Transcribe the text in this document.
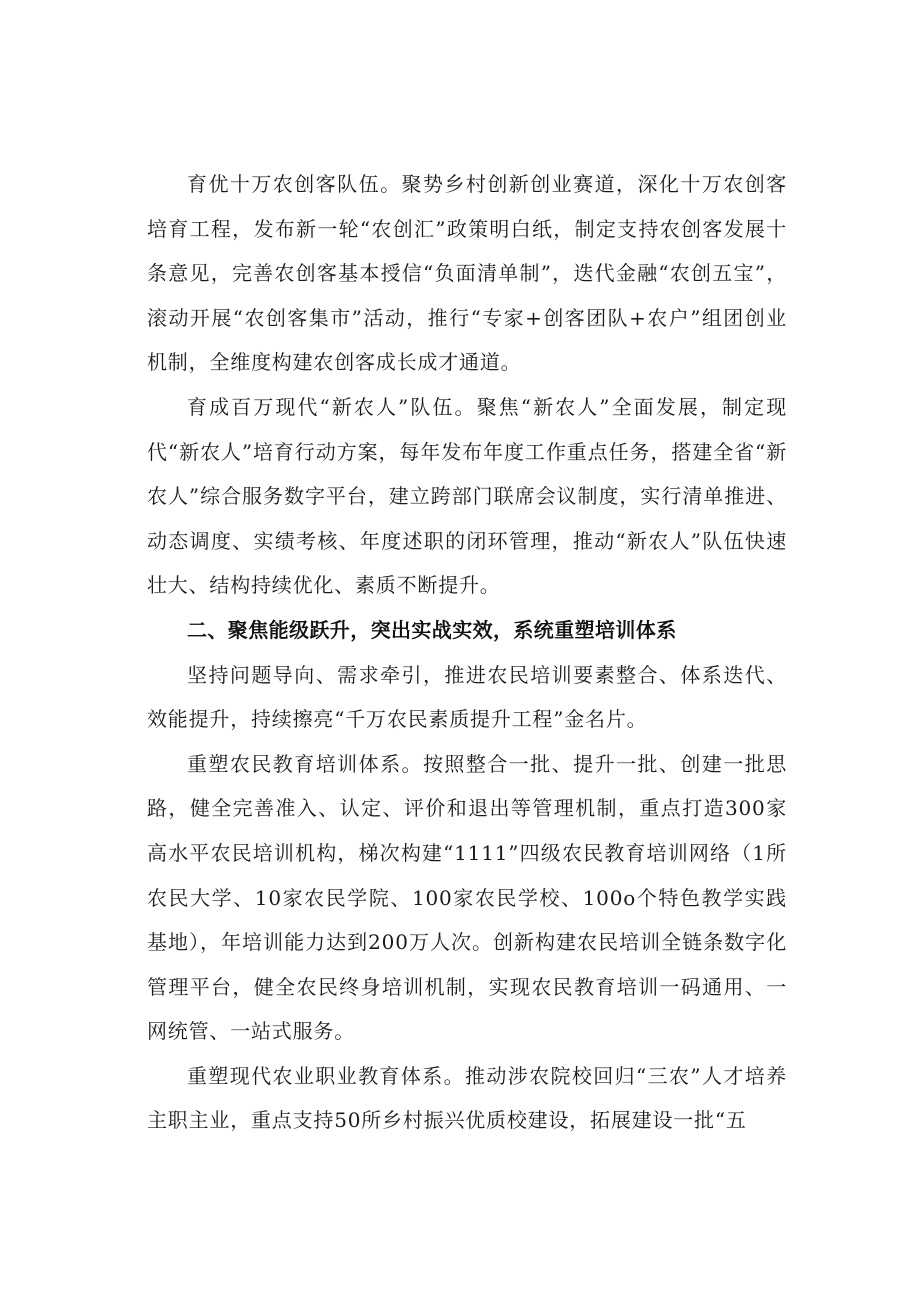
育优十万农创客队伍。聚势乡村创新创业赛道，深化十万农创客培育工程，发布新一轮“农创汇”政策明白纸，制定支持农创客发展十条意见，完善农创客基本授信“负面清单制”，迭代金融“农创五宝”，滚动开展“农创客集市”活动，推行“专家+创客团队+农户”组团创业机制，全维度构建农创客成长成才通道。

育成百万现代“新农人”队伍。聚焦“新农人”全面发展，制定现代“新农人”培育行动方案，每年发布年度工作重点任务，搭建全省“新农人”综合服务数字平台，建立跨部门联席会议制度，实行清单推进、动态调度、实绩考核、年度述职的闭环管理，推动“新农人”队伍快速壮大、结构持续优化、素质不断提升。

二、聚焦能级跃升，突出实战实效，系统重塑培训体系

坚持问题导向、需求牵引，推进农民培训要素整合、体系迭代、效能提升，持续擦亮“千万农民素质提升工程”金名片。

重塑农民教育培训体系。按照整合一批、提升一批、创建一批思路，健全完善准入、认定、评价和退出等管理机制，重点打造300家高水平农民培训机构，梯次构建“1111”四级农民教育培训网络（1所农民大学、10家农民学院、100家农民学校、100o个特色教学实践基地），年培训能力达到200万人次。创新构建农民培训全链条数字化管理平台，健全农民终身培训机制，实现农民教育培训一码通用、一网统管、一站式服务。

重塑现代农业职业教育体系。推动涉农院校回归“三农”人才培养主职主业，重点支持50所乡村振兴优质校建设，拓展建设一批“五
